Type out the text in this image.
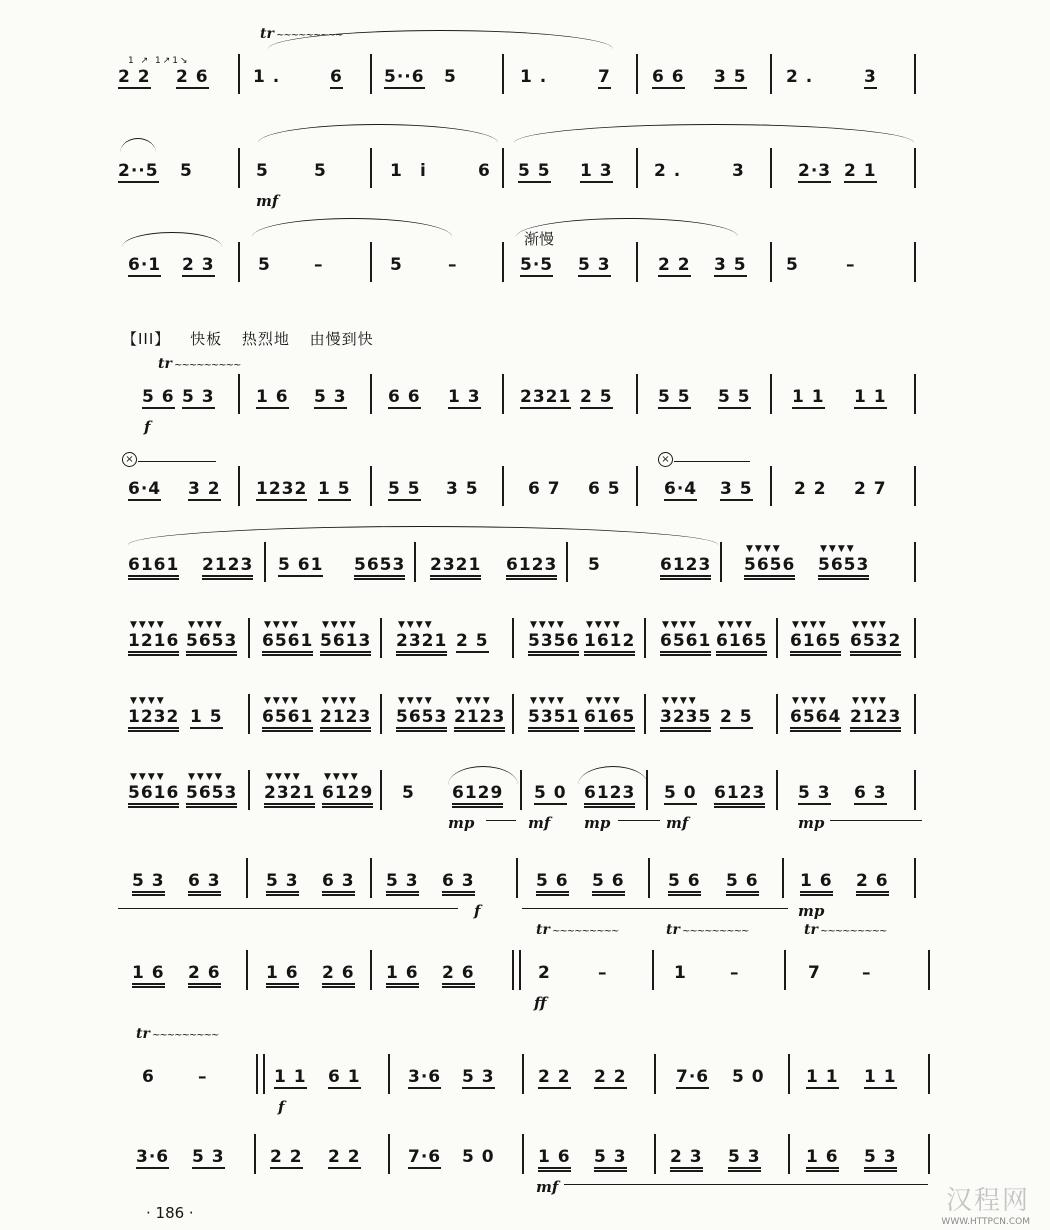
tr ~~~~~
1 ↗ 1↗1↘
2 2 2 6	1 .	6 5··6 5	1 .	7 6 6 3 5 2 .	3
2··5 5	5	5	1 i	6 5 5 1 3 2 .	3	2·3 2 1
mf
渐慢
6·1 2 3	5	–	5	–	5·5 5 3	2 2 3 5 5	–
【III】 快板 热烈地 由慢到快
tr ~~~~~
5 6 5 3 1 6 5 3 6 6 1 3 2321 2 5	5 5 5 5 1 1 1 1
f
×
6·4 3 2 1232 1 5 5 5 3 5	6 7 6 5
×
6·4 3 5 2 2 2 7
6161 2123 5 61 5653 2321 6123 5	6123
▼▼▼▼
5656
▼▼▼▼
5653
▼▼▼▼
1216
▼▼▼▼
5653
▼▼▼▼
6561
▼▼▼▼
5613
▼▼▼▼
2321 2 5
▼▼▼▼
5356
▼▼▼▼
1612
▼▼▼▼
6561
▼▼▼▼
6165
▼▼▼▼
6165
▼▼▼▼
6532
▼▼▼▼
1232 1 5
▼▼▼▼
6561
▼▼▼▼
2123
▼▼▼▼
5653
▼▼▼▼
2123
▼▼▼▼
5351
▼▼▼▼
6165
▼▼▼▼
3235 2 5
▼▼▼▼
6564
▼▼▼▼
2123
▼▼▼▼
5616
▼▼▼▼
5653
▼▼▼▼
2321
▼▼▼▼
6129 5 6129 5 0 6123 5 0 6123 5 3 6 3
mp	mf mp	mf	mp
5 3 6 3	5 3 6 3 5 3 6 3	5 6 5 6	5 6 5 6 1 6 2 6
f	mp
1 6 2 6	1 6 2 6 1 6 2 6
tr ~~~~~
2	–
tr ~~~~~
1	–
tr ~~~~~
7 –
ff
tr ~~~~~
6	–	1 1 6 1	3·6 5 3	2 2 2 2	7·6 5 0 1 1 1 1
f
3·6 5 3	2 2 2 2	7·6 5 0	1 6 5 3	2 3 5 3	1 6 5 3
mf
· 186 ·	汉程网
WWW.HTTPCN.COM
